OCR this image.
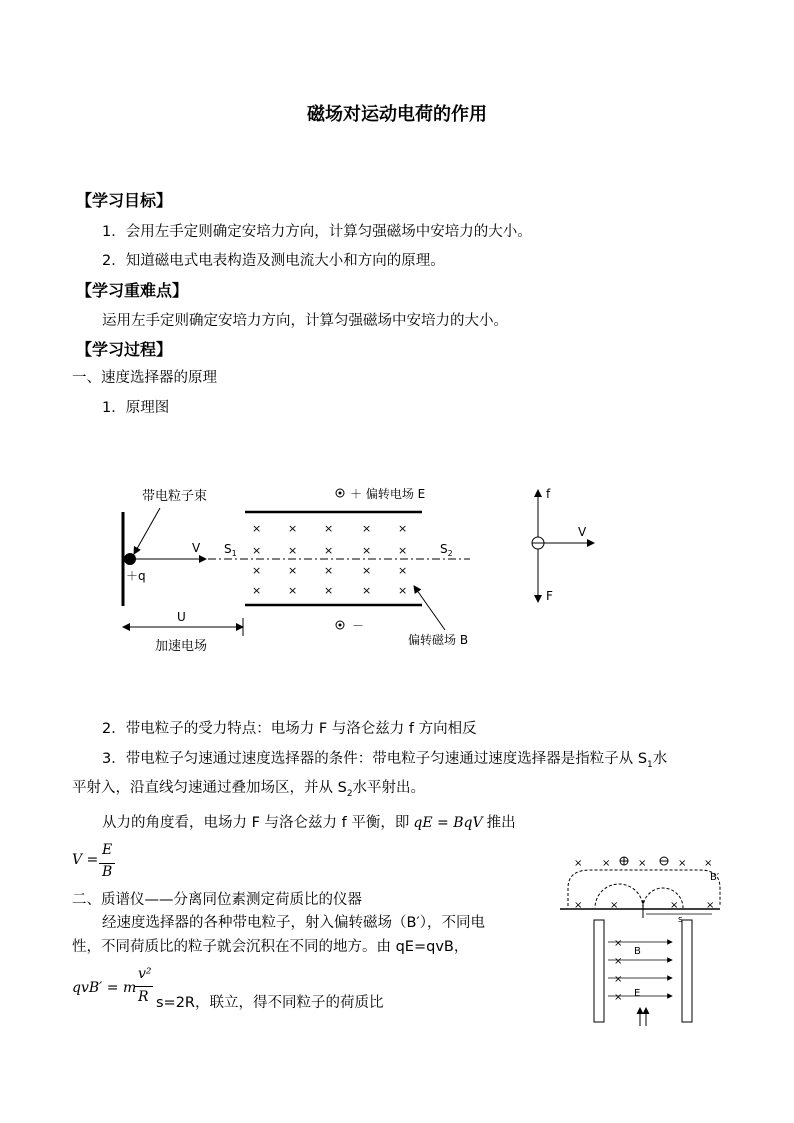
磁场对运动电荷的作用
【学习目标】
1．会用左手定则确定安培力方向，计算匀强磁场中安培力的大小。
2．知道磁电式电表构造及测电流大小和方向的原理。
【学习重难点】
运用左手定则确定安培力方向，计算匀强磁场中安培力的大小。
【学习过程】
一、速度选择器的原理
1．原理图
带电粒子束
＋q
V $S_1$	$S_2$
＋ 偏转电场 E
－
× × ×	× ×
× × ×	× ×
× × ×	× ×
× × ×	× ×
偏转磁场 B
U
加速电场
f
V
F
2．带电粒子的受力特点：电场力 F 与洛仑兹力 f 方向相反
3．带电粒子匀速通过速度选择器的条件：带电粒子匀速通过速度选择器是指粒子从 $S_1$水
平射入，沿直线匀速通过叠加场区，并从 $S_2$水平射出。
从力的角度看，电场力 F 与洛仑兹力 f 平衡，即 qE = BqV 推出
V =
E
B
二、质谱仪——分离同位素测定荷质比的仪器
经速度选择器的各种带电粒子，射入偏转磁场（B′），不同电
性，不同荷质比的粒子就会沉积在不同的地方。由 qE=qvB，
qvB′ = m
v²
R s=2R，联立，得不同粒子的荷质比
× ×	×	× ×
×	×	×	×
B′
s
×
×
×
×
B
E
